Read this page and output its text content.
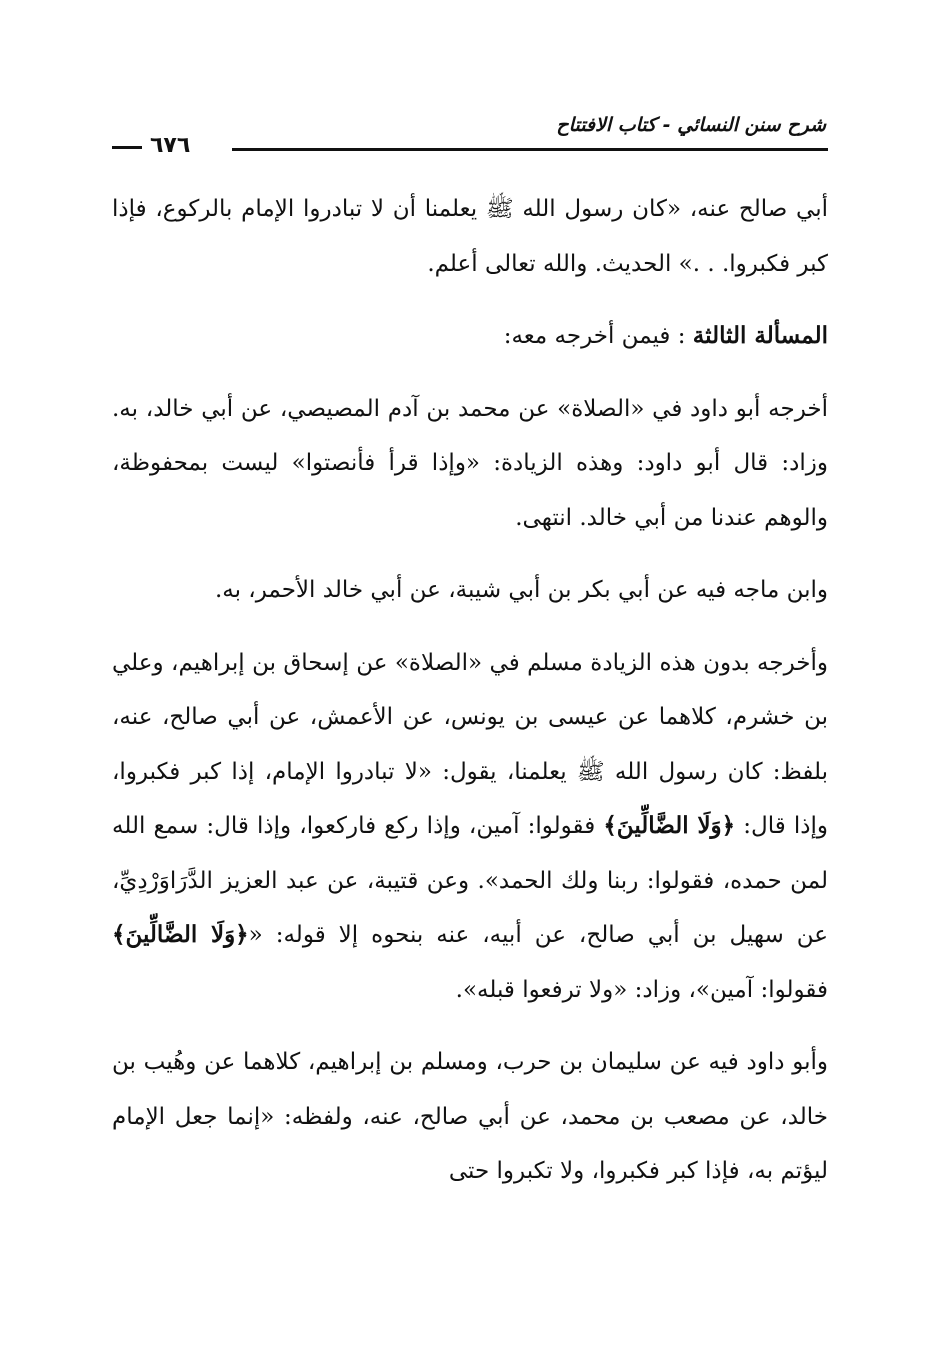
شرح سنن النسائي - كتاب الافتتاح
٦٧٦

أبي صالح عنه، «كان رسول الله ﷺ يعلمنا أن لا تبادروا الإمام بالركوع، فإذا كبر فكبروا. . .» الحديث. والله تعالى أعلم.

المسألة الثالثة : فيمن أخرجه معه:

أخرجه أبو داود في «الصلاة» عن محمد بن آدم المصيصي، عن أبي خالد، به. وزاد: قال أبو داود: وهذه الزيادة: «وإذا قرأ فأنصتوا» ليست بمحفوظة، والوهم عندنا من أبي خالد. انتهى.

وابن ماجه فيه عن أبي بكر بن أبي شيبة، عن أبي خالد الأحمر، به.

وأخرجه بدون هذه الزيادة مسلم في «الصلاة» عن إسحاق بن إبراهيم، وعلي بن خشرم، كلاهما عن عيسى بن يونس، عن الأعمش، عن أبي صالح، عنه، بلفظ: كان رسول الله ﷺ يعلمنا، يقول: «لا تبادروا الإمام، إذا كبر فكبروا، وإذا قال: ﴿وَلَا الضَّالِّينَ﴾ فقولوا: آمين، وإذا ركع فاركعوا، وإذا قال: سمع الله لمن حمده، فقولوا: ربنا ولك الحمد». وعن قتيبة، عن عبد العزيز الدَّرَاوَرْدِيِّ، عن سهيل بن أبي صالح، عن أبيه، عنه بنحوه إلا قوله: «﴿وَلَا الضَّالِّينَ﴾ فقولوا: آمين»، وزاد: «ولا ترفعوا قبله».

وأبو داود فيه عن سليمان بن حرب، ومسلم بن إبراهيم، كلاهما عن وهُيب بن خالد، عن مصعب بن محمد، عن أبي صالح، عنه، ولفظه: «إنما جعل الإمام ليؤتم به، فإذا كبر فكبروا، ولا تكبروا حتى
